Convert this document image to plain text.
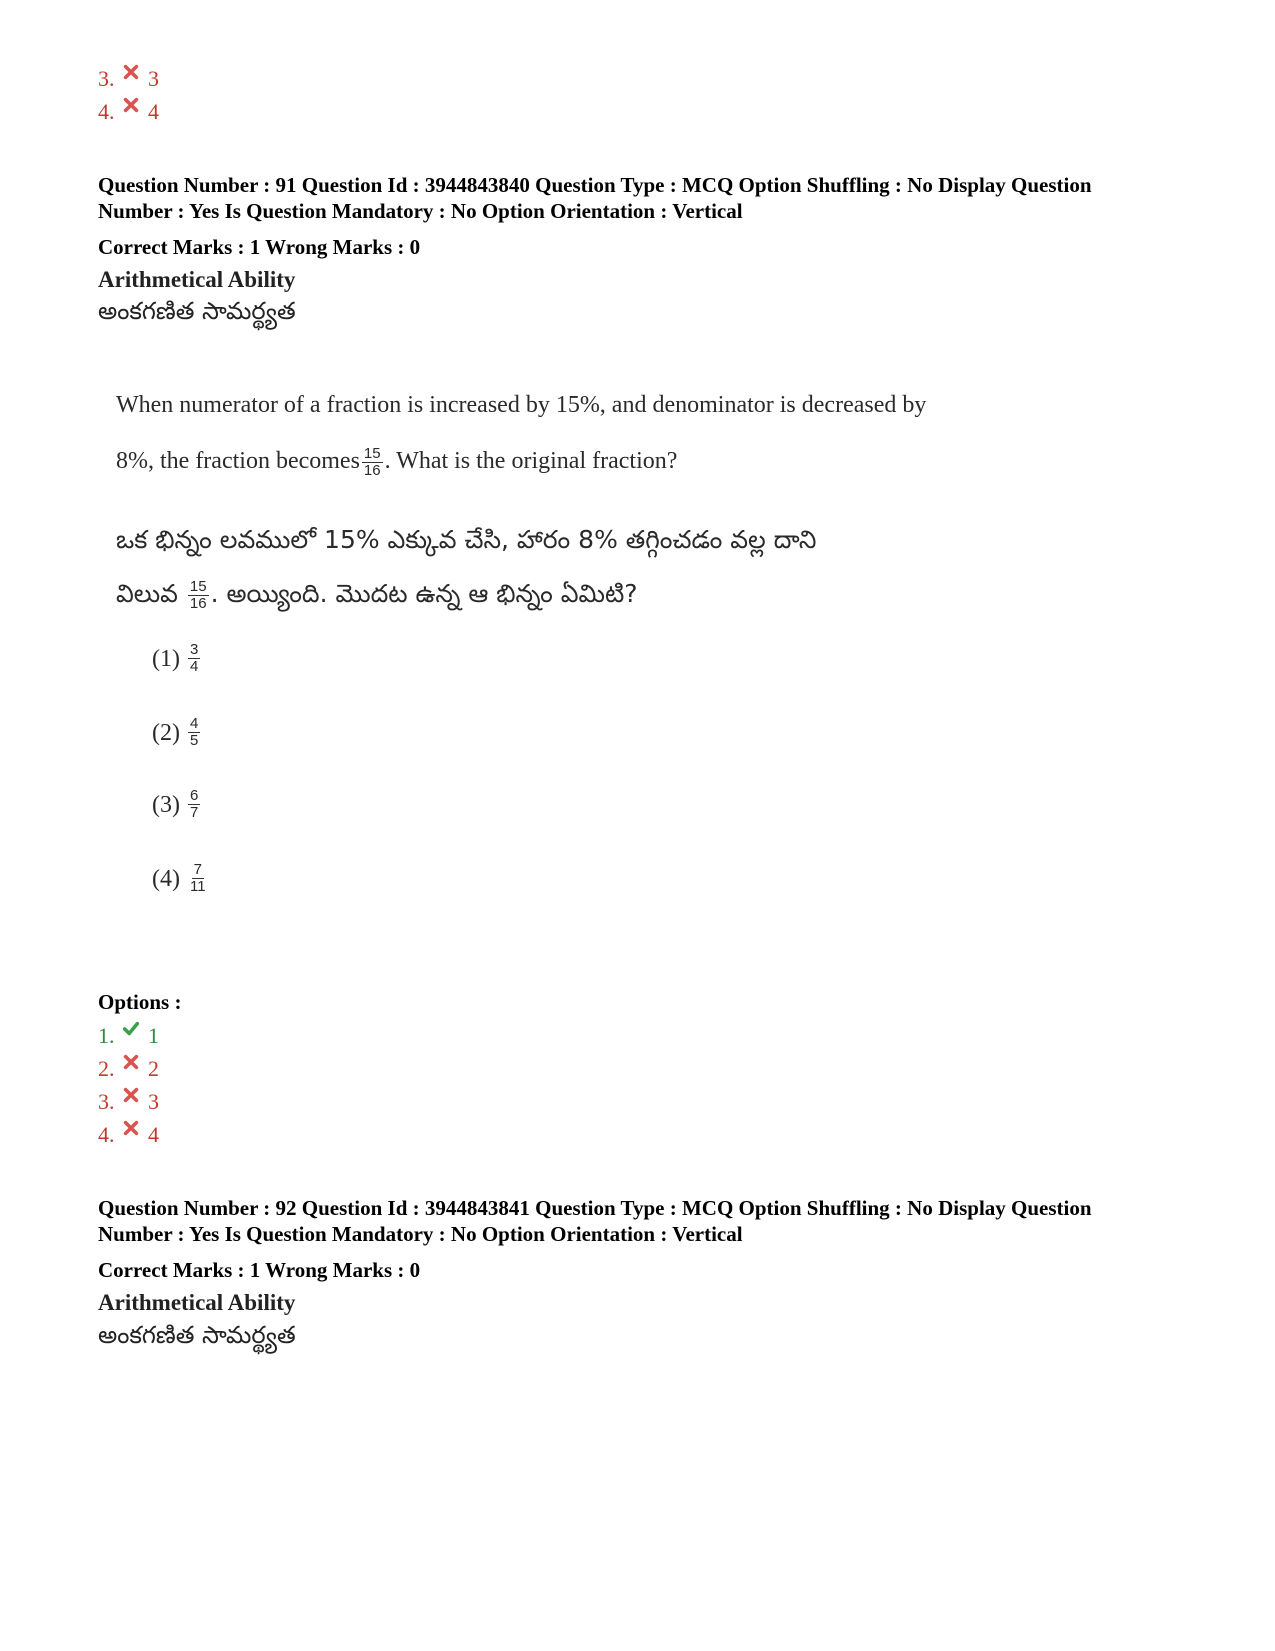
3.	3
4.	4
Question Number : 91 Question Id : 3944843840 Question Type : MCQ Option Shuffling : No Display Question
Number : Yes Is Question Mandatory : No Option Orientation : Vertical
Correct Marks : 1 Wrong Marks : 0
Arithmetical Ability
అంకగణిత సామర్థ్యత
When numerator of a fraction is increased by 15%, and denominator is decreased by
8%, the fraction becomes $\frac{15}{16}$ . What is the original fraction?
ఒక భిన్నం లవములో 15% ఎక్కువ చేసి, హారం 8% తగ్గించడం వల్ల దాని
విలువ $\frac{15}{16}$ . అయ్యింది. మొదట ఉన్న ఆ భిన్నం ఏమిటి?
$(1) \frac{3}{4}$
$(2) \frac{4}{5}$
$(3) \frac{6}{7}$
$(4) \frac{7}{11}$
Options :
1.	1
2.	2
3.	3
4.	4
Question Number : 92 Question Id : 3944843841 Question Type : MCQ Option Shuffling : No Display Question
Number : Yes Is Question Mandatory : No Option Orientation : Vertical
Correct Marks : 1 Wrong Marks : 0
Arithmetical Ability
అంకగణిత సామర్థ్యత
